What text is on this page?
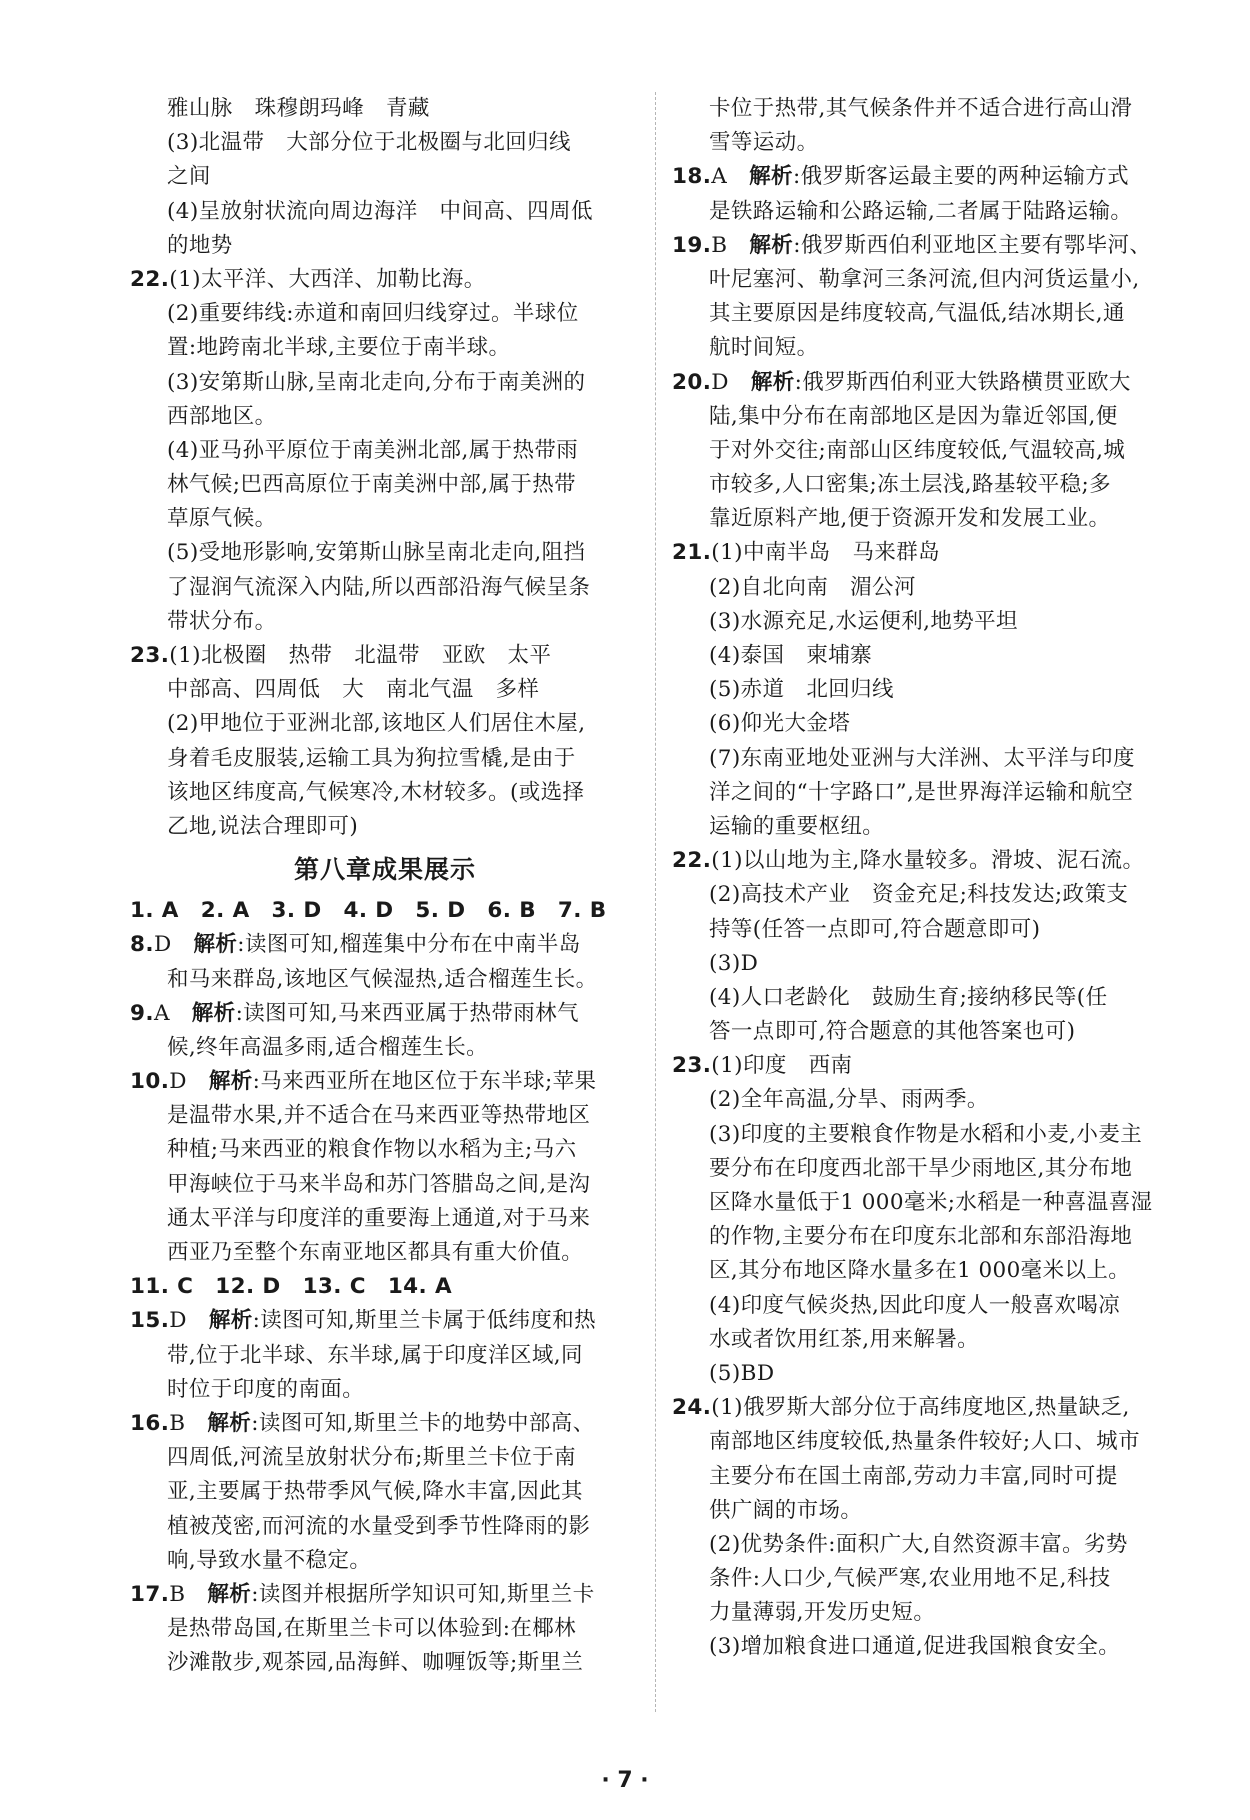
雅山脉　珠穆朗玛峰　青藏
(3)北温带　大部分位于北极圈与北回归线
之间
(4)呈放射状流向周边海洋　中间高、四周低
的地势
22.(1)太平洋、大西洋、加勒比海。
(2)重要纬线:赤道和南回归线穿过。半球位
置:地跨南北半球,主要位于南半球。
(3)安第斯山脉,呈南北走向,分布于南美洲的
西部地区。
(4)亚马孙平原位于南美洲北部,属于热带雨
林气候;巴西高原位于南美洲中部,属于热带
草原气候。
(5)受地形影响,安第斯山脉呈南北走向,阻挡
了湿润气流深入内陆,所以西部沿海气候呈条
带状分布。
23.(1)北极圈　热带　北温带　亚欧　太平
中部高、四周低　大　南北气温　多样
(2)甲地位于亚洲北部,该地区人们居住木屋,
身着毛皮服装,运输工具为狗拉雪橇,是由于
该地区纬度高,气候寒冷,木材较多。(或选择
乙地,说法合理即可)
第八章成果展示
1. A　2. A　3. D　4. D　5. D　6. B　7. B
8.D　解析:读图可知,榴莲集中分布在中南半岛
和马来群岛,该地区气候湿热,适合榴莲生长。
9.A　解析:读图可知,马来西亚属于热带雨林气
候,终年高温多雨,适合榴莲生长。
10.D　解析:马来西亚所在地区位于东半球;苹果
是温带水果,并不适合在马来西亚等热带地区
种植;马来西亚的粮食作物以水稻为主;马六
甲海峡位于马来半岛和苏门答腊岛之间,是沟
通太平洋与印度洋的重要海上通道,对于马来
西亚乃至整个东南亚地区都具有重大价值。
11. C　12. D　13. C　14. A
15.D　解析:读图可知,斯里兰卡属于低纬度和热
带,位于北半球、东半球,属于印度洋区域,同
时位于印度的南面。
16.B　解析:读图可知,斯里兰卡的地势中部高、
四周低,河流呈放射状分布;斯里兰卡位于南
亚,主要属于热带季风气候,降水丰富,因此其
植被茂密,而河流的水量受到季节性降雨的影
响,导致水量不稳定。
17.B　解析:读图并根据所学知识可知,斯里兰卡
是热带岛国,在斯里兰卡可以体验到:在椰林
沙滩散步,观茶园,品海鲜、咖喱饭等;斯里兰
卡位于热带,其气候条件并不适合进行高山滑
雪等运动。
18.A　解析:俄罗斯客运最主要的两种运输方式
是铁路运输和公路运输,二者属于陆路运输。
19.B　解析:俄罗斯西伯利亚地区主要有鄂毕河、
叶尼塞河、勒拿河三条河流,但内河货运量小,
其主要原因是纬度较高,气温低,结冰期长,通
航时间短。
20.D　解析:俄罗斯西伯利亚大铁路横贯亚欧大
陆,集中分布在南部地区是因为靠近邻国,便
于对外交往;南部山区纬度较低,气温较高,城
市较多,人口密集;冻土层浅,路基较平稳;多
靠近原料产地,便于资源开发和发展工业。
21.(1)中南半岛　马来群岛
(2)自北向南　湄公河
(3)水源充足,水运便利,地势平坦
(4)泰国　柬埔寨
(5)赤道　北回归线
(6)仰光大金塔
(7)东南亚地处亚洲与大洋洲、太平洋与印度
洋之间的“十字路口”,是世界海洋运输和航空
运输的重要枢纽。
22.(1)以山地为主,降水量较多。滑坡、泥石流。
(2)高技术产业　资金充足;科技发达;政策支
持等(任答一点即可,符合题意即可)
(3)D
(4)人口老龄化　鼓励生育;接纳移民等(任
答一点即可,符合题意的其他答案也可)
23.(1)印度　西南
(2)全年高温,分旱、雨两季。
(3)印度的主要粮食作物是水稻和小麦,小麦主
要分布在印度西北部干旱少雨地区,其分布地
区降水量低于1 000毫米;水稻是一种喜温喜湿
的作物,主要分布在印度东北部和东部沿海地
区,其分布地区降水量多在1 000毫米以上。
(4)印度气候炎热,因此印度人一般喜欢喝凉
水或者饮用红茶,用来解暑。
(5)BD
24.(1)俄罗斯大部分位于高纬度地区,热量缺乏,
南部地区纬度较低,热量条件较好;人口、城市
主要分布在国土南部,劳动力丰富,同时可提
供广阔的市场。
(2)优势条件:面积广大,自然资源丰富。劣势
条件:人口少,气候严寒,农业用地不足,科技
力量薄弱,开发历史短。
(3)增加粮食进口通道,促进我国粮食安全。
· 7 ·
